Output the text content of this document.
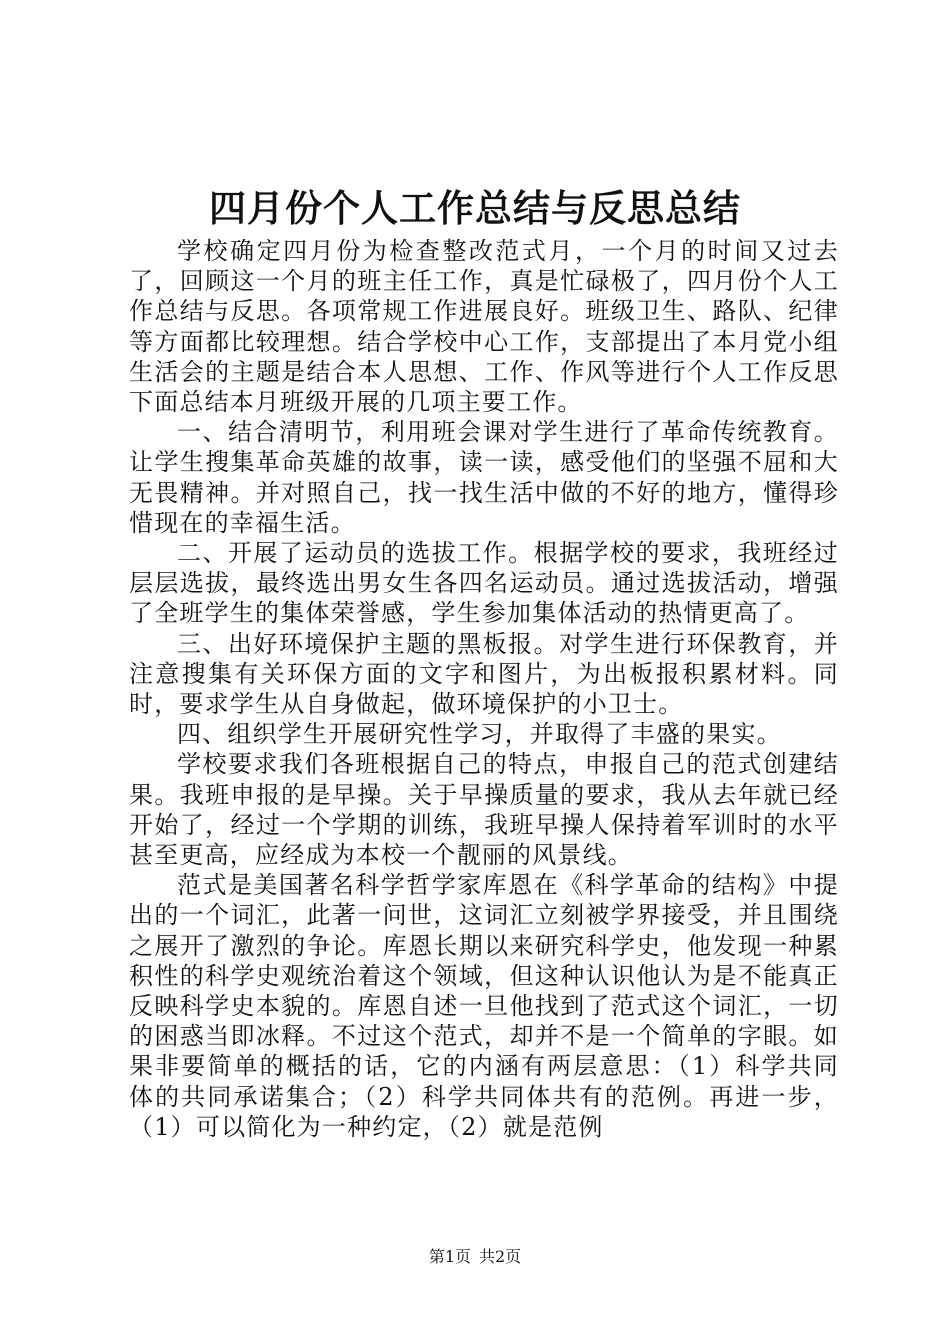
四月份个人工作总结与反思总结

学校确定四月份为检查整改范式月，一个月的时间又过去了，回顾这一个月的班主任工作，真是忙碌极了，四月份个人工作总结与反思。各项常规工作进展良好。班级卫生、路队、纪律等方面都比较理想。结合学校中心工作，支部提出了本月党小组生活会的主题是结合本人思想、工作、作风等进行个人工作反思下面总结本月班级开展的几项主要工作。

一、结合清明节，利用班会课对学生进行了革命传统教育。让学生搜集革命英雄的故事，读一读，感受他们的坚强不屈和大无畏精神。并对照自己，找一找生活中做的不好的地方，懂得珍惜现在的幸福生活。

二、开展了运动员的选拔工作。根据学校的要求，我班经过层层选拔，最终选出男女生各四名运动员。通过选拔活动，增强了全班学生的集体荣誉感，学生参加集体活动的热情更高了。

三、出好环境保护主题的黑板报。对学生进行环保教育，并注意搜集有关环保方面的文字和图片，为出板报积累材料。同时，要求学生从自身做起，做环境保护的小卫士。

四、组织学生开展研究性学习，并取得了丰盛的果实。

学校要求我们各班根据自己的特点，申报自己的范式创建结果。我班申报的是早操。关于早操质量的要求，我从去年就已经开始了，经过一个学期的训练，我班早操人保持着军训时的水平甚至更高，应经成为本校一个靓丽的风景线。

范式是美国著名科学哲学家库恩在《科学革命的结构》中提出的一个词汇，此著一问世，这词汇立刻被学界接受，并且围绕之展开了激烈的争论。库恩长期以来研究科学史，他发现一种累积性的科学史观统治着这个领域，但这种认识他认为是不能真正反映科学史本貌的。库恩自述一旦他找到了范式这个词汇，一切的困惑当即冰释。不过这个范式，却并不是一个简单的字眼。如果非要简单的概括的话，它的内涵有两层意思：（1）科学共同体的共同承诺集合；（2）科学共同体共有的范例。再进一步，（1）可以简化为一种约定，（2）就是范例

第1页 共2页
